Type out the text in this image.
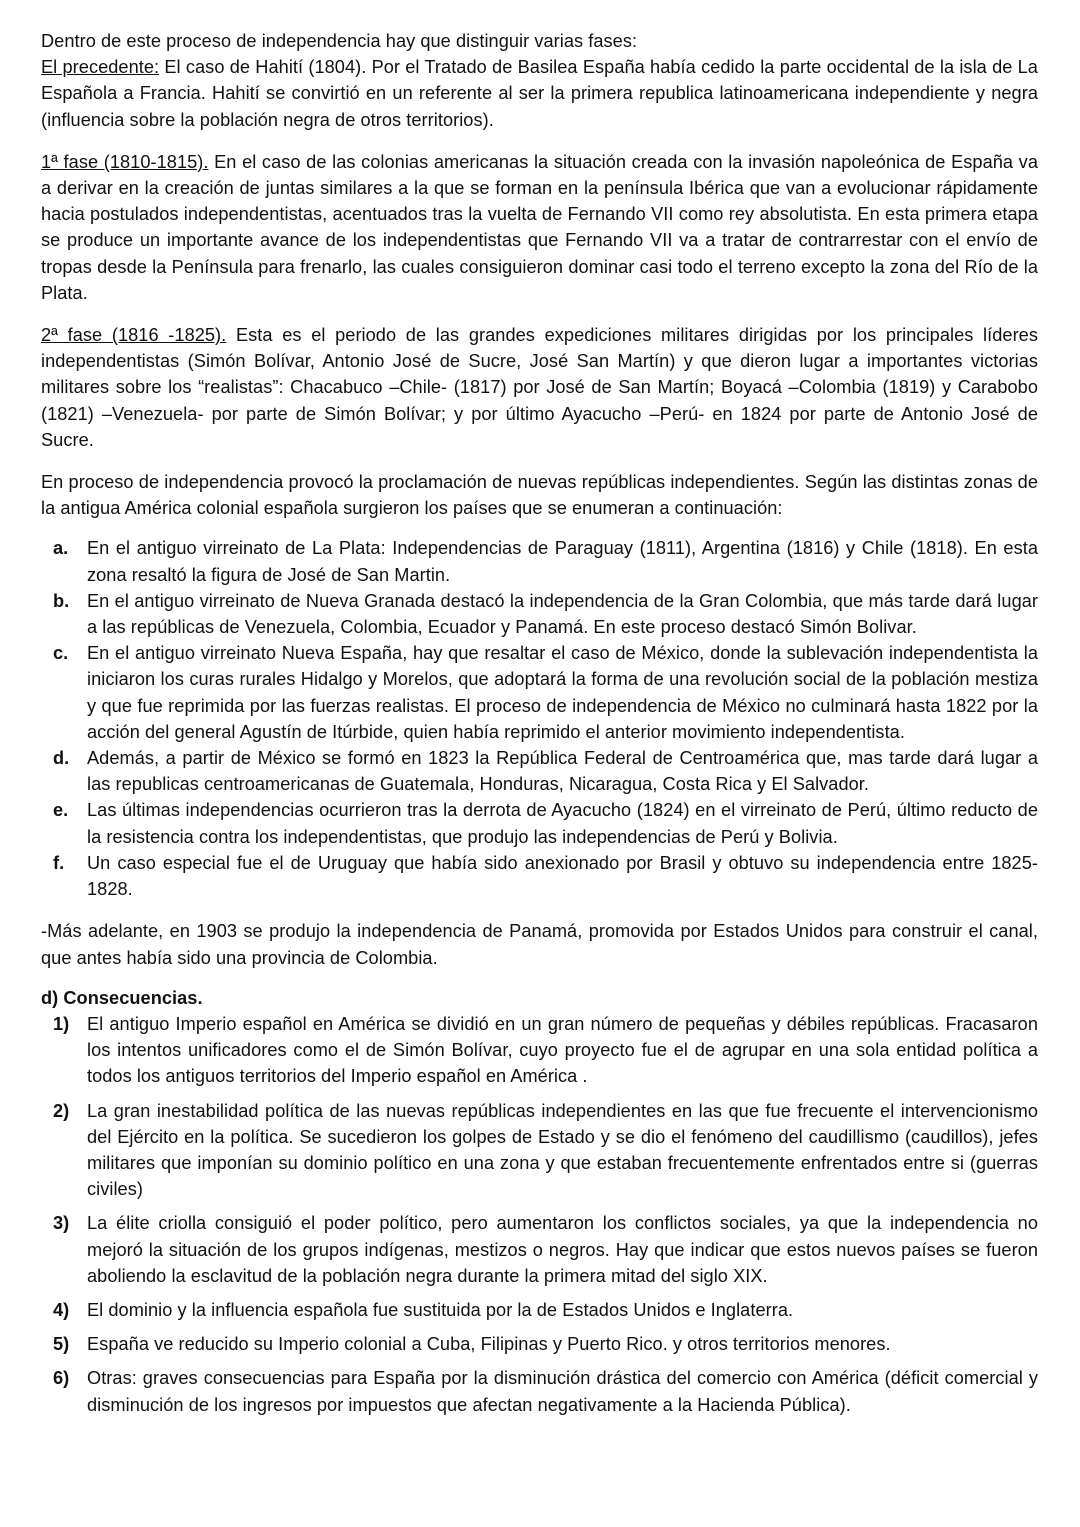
Dentro de este proceso de independencia hay que distinguir varias fases:
El precedente: El caso de Hahití (1804). Por el Tratado de Basilea España había cedido la parte occidental de la isla de La Española a Francia. Hahití se convirtió en un referente al ser la primera republica latinoamericana independiente y negra (influencia sobre la población negra de otros territorios).

1ª fase (1810-1815). En el caso de las colonias americanas la situación creada con la invasión napoleónica de España va a derivar en la creación de juntas similares a la que se forman en la península Ibérica que van a evolucionar rápidamente hacia postulados independentistas, acentuados tras la vuelta de Fernando VII como rey absolutista. En esta primera etapa se produce un importante avance de los independentistas que Fernando VII va a tratar de contrarrestar con el envío de tropas desde la Península para frenarlo, las cuales consiguieron dominar casi todo el terreno excepto la zona del Río de la Plata.

2ª fase (1816 -1825). Esta es el periodo de las grandes expediciones militares dirigidas por los principales líderes independentistas (Simón Bolívar, Antonio José de Sucre, José San Martín) y que dieron lugar a importantes victorias militares sobre los “realistas”: Chacabuco –Chile- (1817) por José de San Martín; Boyacá –Colombia (1819) y Carabobo (1821) –Venezuela- por parte de Simón Bolívar; y por último Ayacucho –Perú- en 1824 por parte de Antonio José de Sucre.

En proceso de independencia provocó la proclamación de nuevas repúblicas independientes. Según las distintas zonas de la antigua América colonial española surgieron los países que se enumeran a continuación:

a. En el antiguo virreinato de La Plata: Independencias de Paraguay (1811), Argentina (1816) y Chile (1818). En esta zona resaltó la figura de José de San Martin.
b. En el antiguo virreinato de Nueva Granada destacó la independencia de la Gran Colombia, que más tarde dará lugar a las repúblicas de Venezuela, Colombia, Ecuador y Panamá. En este proceso destacó Simón Bolivar.
c. En el antiguo virreinato Nueva España, hay que resaltar el caso de México, donde la sublevación independentista la iniciaron los curas rurales Hidalgo y Morelos, que adoptará la forma de una revolución social de la población mestiza y que fue reprimida por las fuerzas realistas. El proceso de independencia de México no culminará hasta 1822 por la acción del general Agustín de Itúrbide, quien había reprimido el anterior movimiento independentista.
d. Además, a partir de México se formó en 1823 la República Federal de Centroamérica que, mas tarde dará lugar a las republicas centroamericanas de Guatemala, Honduras, Nicaragua, Costa Rica y El Salvador.
e. Las últimas independencias ocurrieron tras la derrota de Ayacucho (1824) en el virreinato de Perú, último reducto de la resistencia contra los independentistas, que produjo las independencias de Perú y Bolivia.
f. Un caso especial fue el de Uruguay que había sido anexionado por Brasil y obtuvo su independencia entre 1825- 1828.

-Más adelante, en 1903 se produjo la independencia de Panamá, promovida por Estados Unidos para construir el canal, que antes había sido una provincia de Colombia.

d) Consecuencias.
1) El antiguo Imperio español en América se dividió en un gran número de pequeñas y débiles repúblicas. Fracasaron los intentos unificadores como el de Simón Bolívar, cuyo proyecto fue el de agrupar en una sola entidad política a todos los antiguos territorios del Imperio español en América .
2) La gran inestabilidad política de las nuevas repúblicas independientes en las que fue frecuente el intervencionismo del Ejército en la política. Se sucedieron los golpes de Estado y se dio el fenómeno del caudillismo (caudillos), jefes militares que imponían su dominio político en una zona y que estaban frecuentemente enfrentados entre si (guerras civiles)
3) La élite criolla consiguió el poder político, pero aumentaron los conflictos sociales, ya que la independencia no mejoró la situación de los grupos indígenas, mestizos o negros. Hay que indicar que estos nuevos países se fueron aboliendo la esclavitud de la población negra durante la primera mitad del siglo XIX.
4) El dominio y la influencia española fue sustituida por la de Estados Unidos e Inglaterra.
5) España ve reducido su Imperio colonial a Cuba, Filipinas y Puerto Rico. y otros territorios menores.
6) Otras: graves consecuencias para España por la disminución drástica del comercio con América (déficit comercial y disminución de los ingresos por impuestos que afectan negativamente a la Hacienda Pública).
